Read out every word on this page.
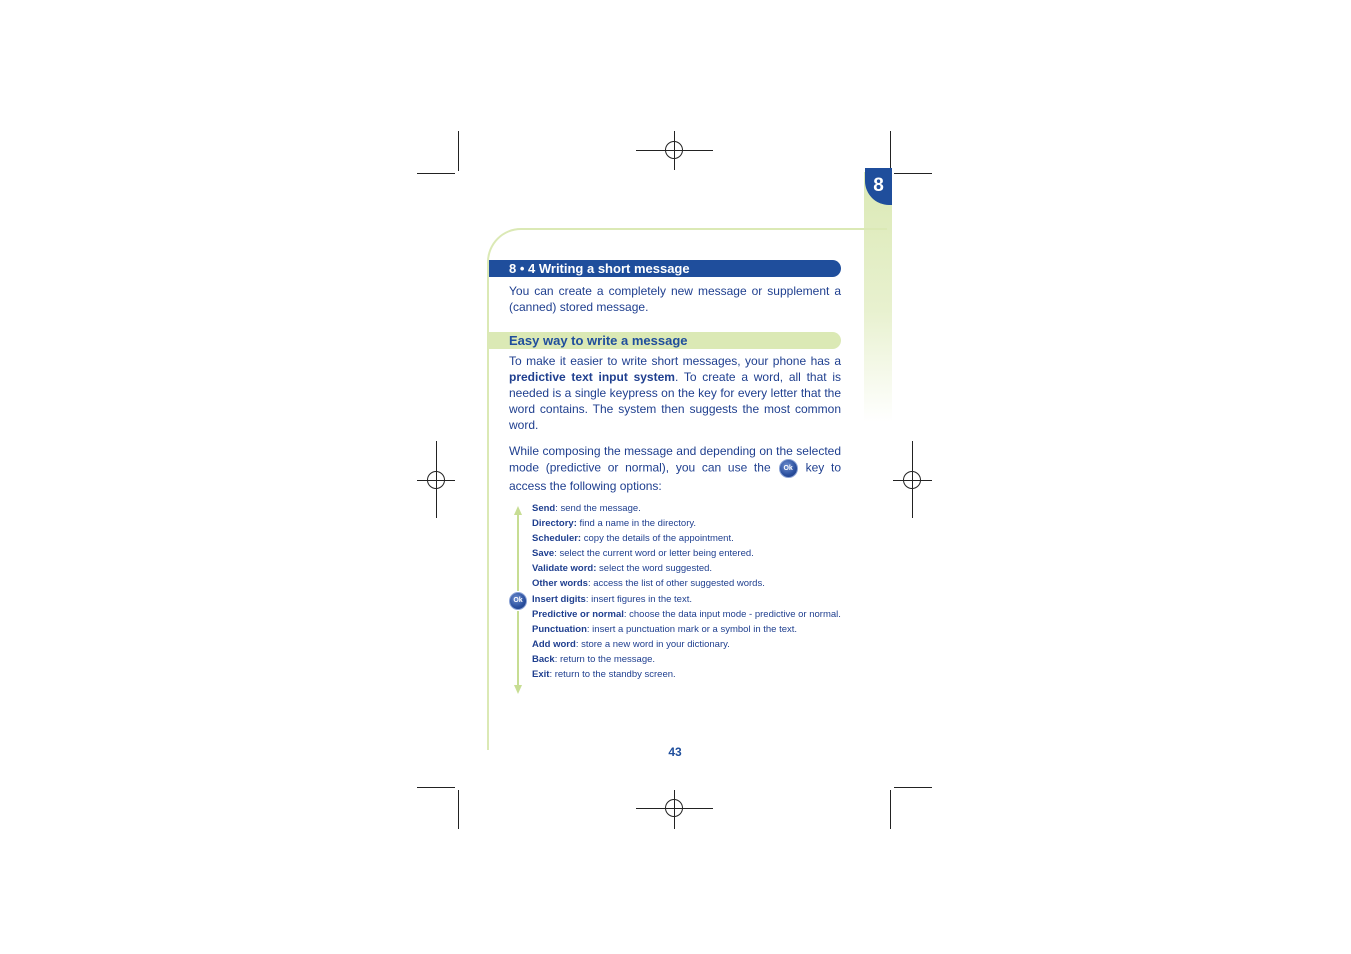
8
8 • 4 Writing a short message

You can create a completely new message or supplement a (canned) stored message.

Easy way to write a message

To make it easier to write short messages, your phone has a predictive text input system. To create a word, all that is needed is a single keypress on the key for every letter that the word contains. The system then suggests the most common word.

While composing the message and depending on the selected mode (predictive or normal), you can use the Ok key to access the following options:

Ok
Send: send the message.
Directory: find a name in the directory.
Scheduler: copy the details of the appointment.
Save: select the current word or letter being entered.
Validate word: select the word suggested.
Other words: access the list of other suggested words.
Insert digits: insert figures in the text.
Predictive or normal: choose the data input mode - predictive or normal.
Punctuation: insert a punctuation mark or a symbol in the text.
Add word: store a new word in your dictionary.
Back: return to the message.
Exit: return to the standby screen.
43
